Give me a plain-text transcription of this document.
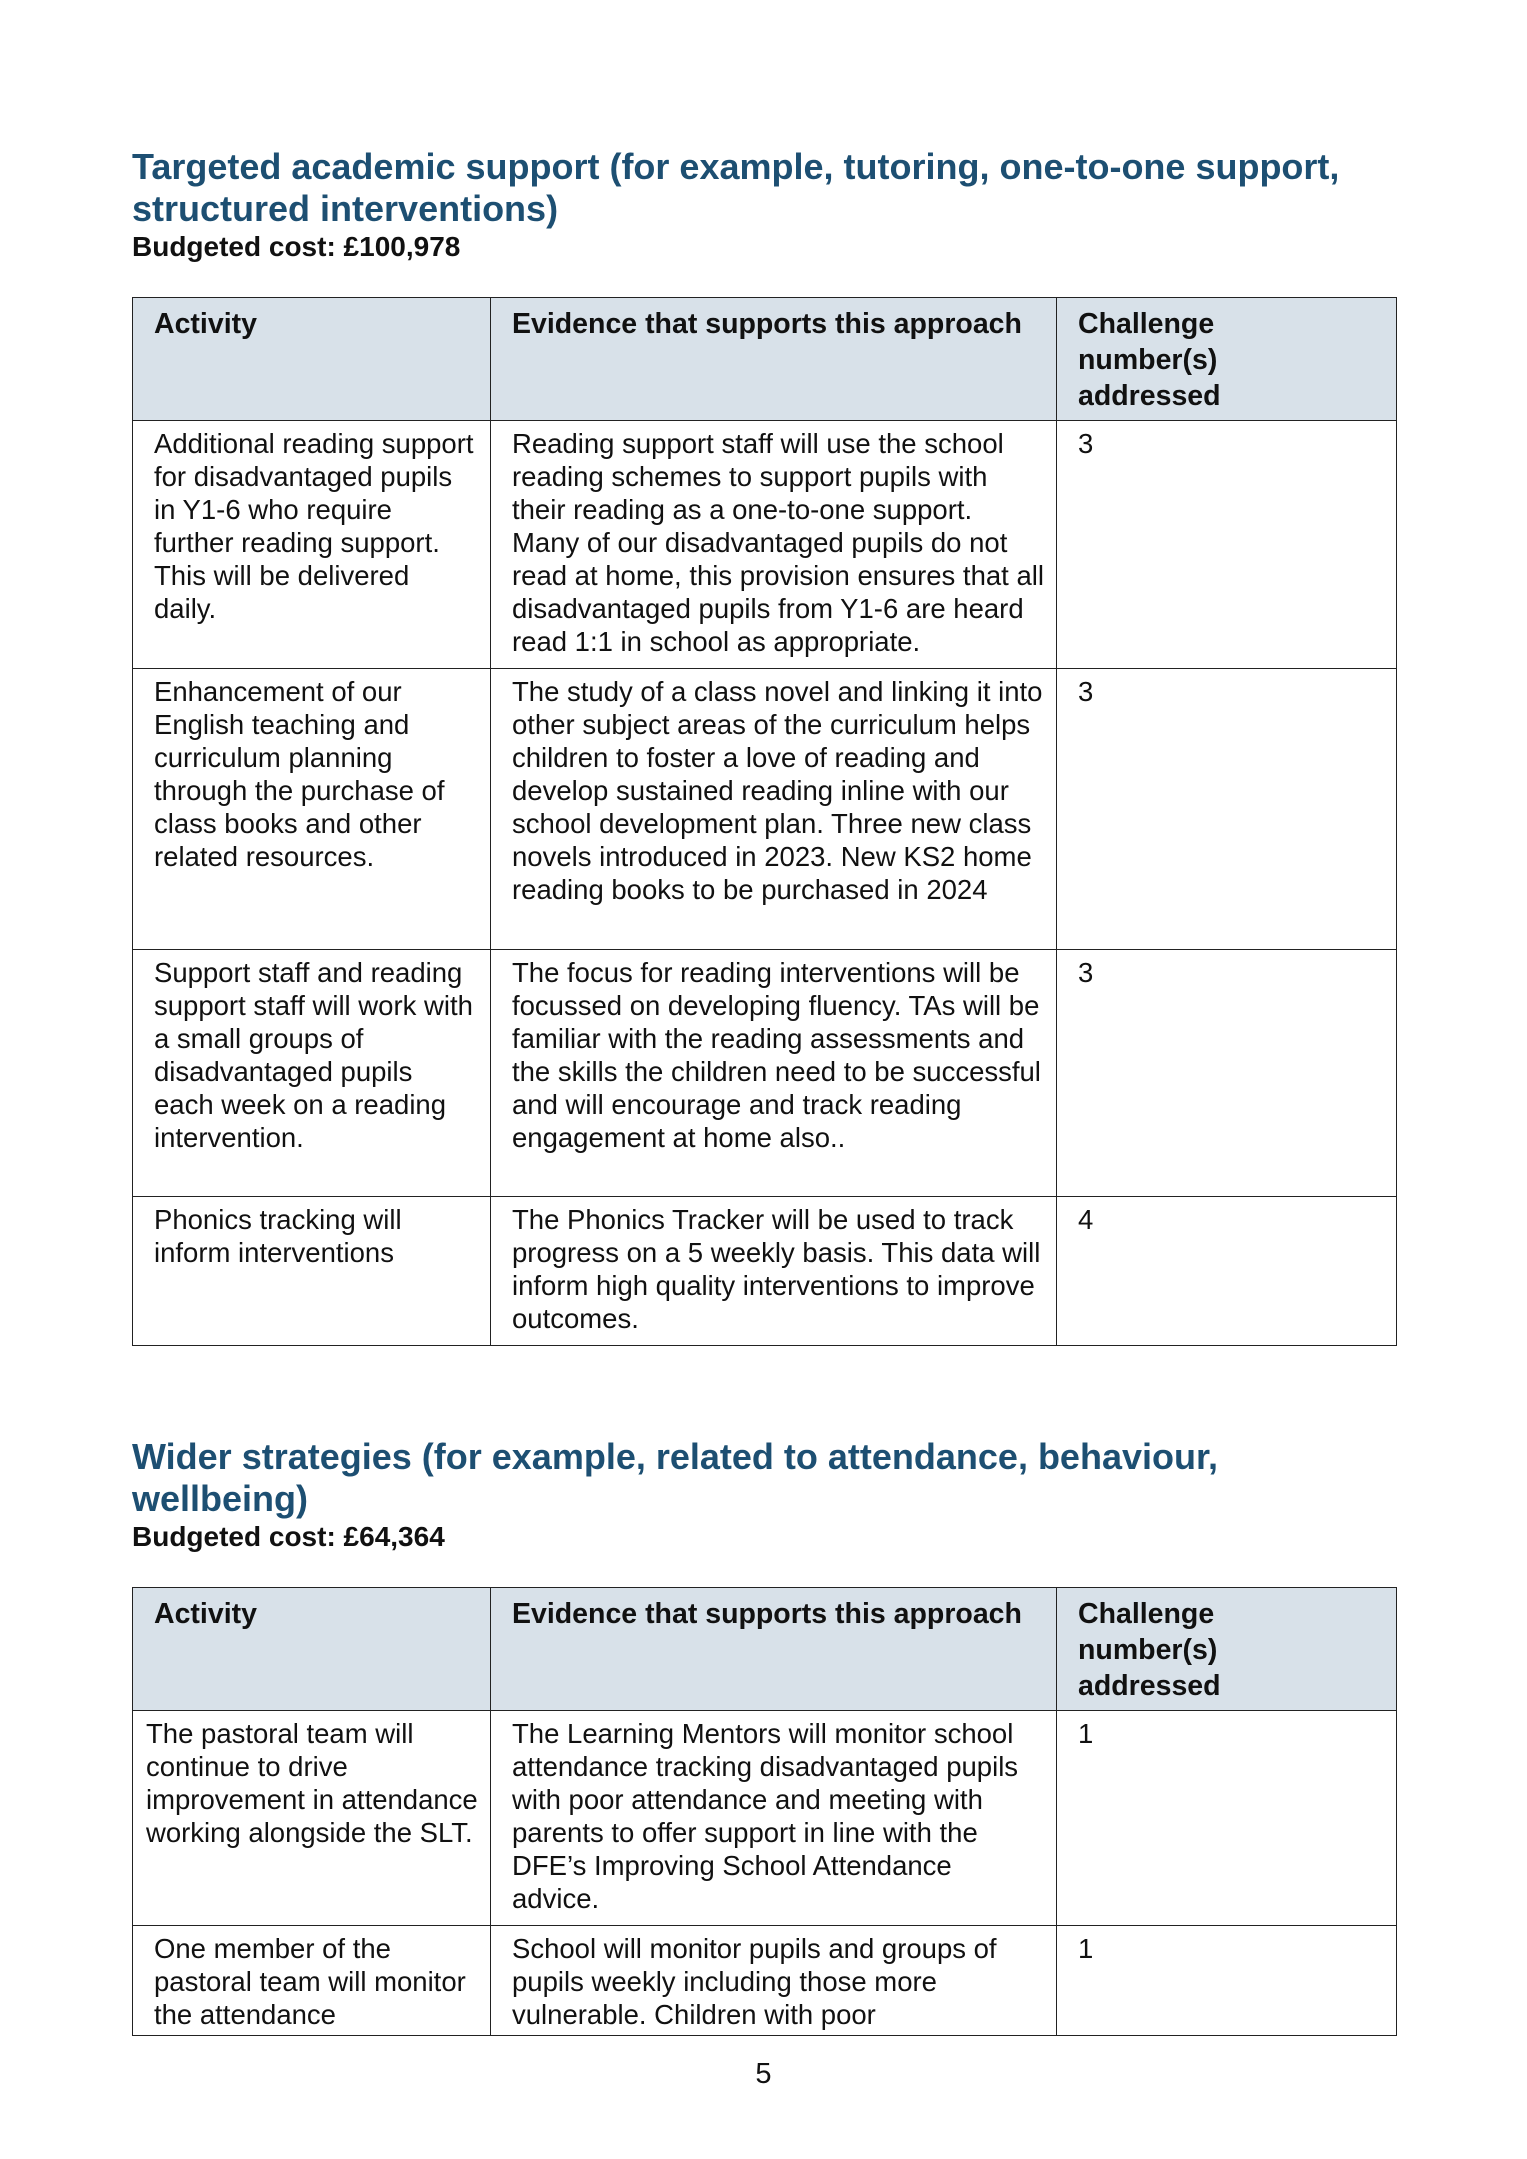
Targeted academic support (for example, tutoring, one-to-one support, structured interventions)

Budgeted cost: £100,978

Activity	Evidence that supports this approach	Challenge number(s) addressed
Additional reading support for disadvantaged pupils in Y1-6 who require further reading support. This will be delivered daily.	Reading support staff will use the school reading schemes to support pupils with their reading as a one-to-one support. Many of our disadvantaged pupils do not read at home, this provision ensures that all disadvantaged pupils from Y1-6 are heard read 1:1 in school as appropriate.	3
Enhancement of our English teaching and curriculum planning through the purchase of class books and other related resources.	The study of a class novel and linking it into other subject areas of the curriculum helps children to foster a love of reading and develop sustained reading inline with our school development plan. Three new class novels introduced in 2023. New KS2 home reading books to be purchased in 2024	3
Support staff and reading support staff will work with a small groups of disadvantaged pupils each week on a reading intervention.	The focus for reading interventions will be focussed on developing fluency. TAs will be familiar with the reading assessments and the skills the children need to be successful and will encourage and track reading engagement at home also..	3
Phonics tracking will inform interventions	The Phonics Tracker will be used to track progress on a 5 weekly basis. This data will inform high quality interventions to improve outcomes.	4
Wider strategies (for example, related to attendance, behaviour, wellbeing)

Budgeted cost: £64,364

Activity	Evidence that supports this approach	Challenge number(s) addressed
The pastoral team will continue to drive improvement in attendance working alongside the SLT.	The Learning Mentors will monitor school attendance tracking disadvantaged pupils with poor attendance and meeting with parents to offer support in line with the DFE’s Improving School Attendance advice.	1
One member of the pastoral team will monitor the attendance	School will monitor pupils and groups of pupils weekly including those more vulnerable. Children with poor	1
5
